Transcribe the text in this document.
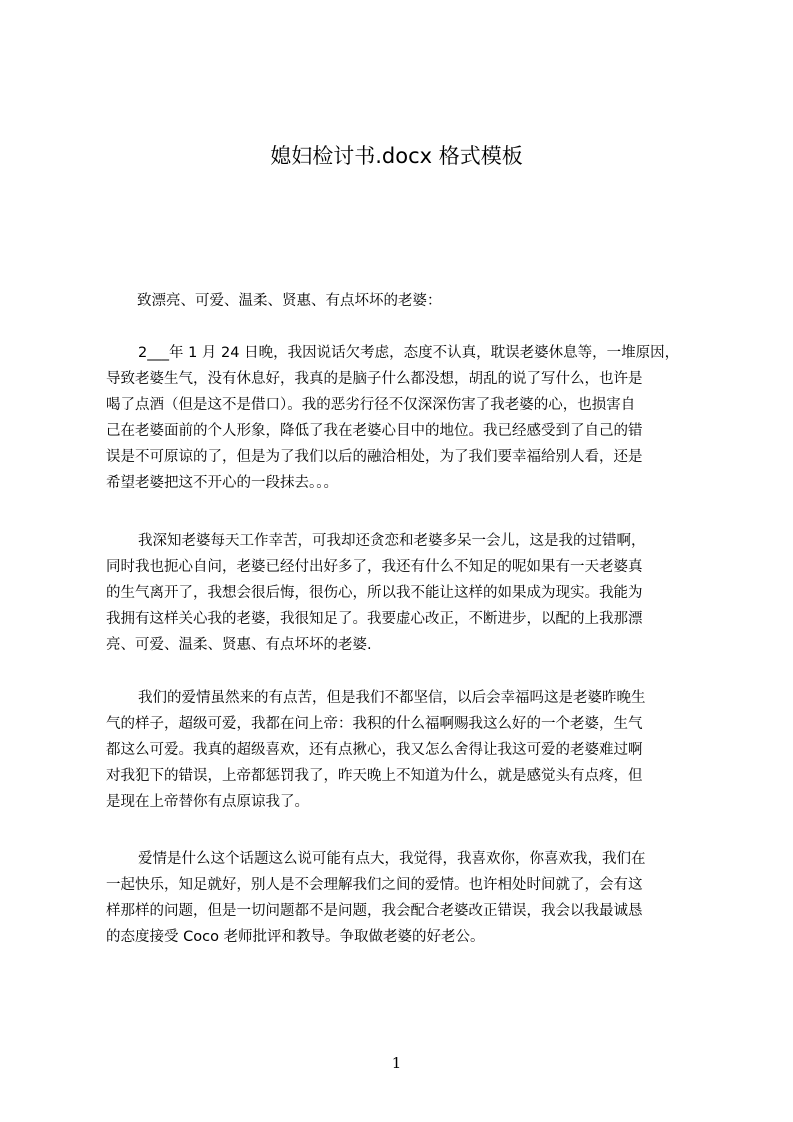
媳妇检讨书.docx 格式模板
致漂亮、可爱、温柔、贤惠、有点坏坏的老婆：
2___年 1 月 24 日晚，我因说话欠考虑，态度不认真，耽误老婆休息等，一堆原因，
导致老婆生气，没有休息好，我真的是脑子什么都没想，胡乱的说了写什么，也许是
喝了点酒（但是这不是借口）。我的恶劣行径不仅深深伤害了我老婆的心，也损害自
己在老婆面前的个人形象，降低了我在老婆心目中的地位。我已经感受到了自己的错
误是不可原谅的了，但是为了我们以后的融洽相处，为了我们要幸福给别人看，还是
希望老婆把这不开心的一段抹去。。。
我深知老婆每天工作幸苦，可我却还贪恋和老婆多呆一会儿，这是我的过错啊，
同时我也扼心自问，老婆已经付出好多了，我还有什么不知足的呢如果有一天老婆真
的生气离开了，我想会很后悔，很伤心，所以我不能让这样的如果成为现实。我能为
我拥有这样关心我的老婆，我很知足了。我要虚心改正，不断进步，以配的上我那漂
亮、可爱、温柔、贤惠、有点坏坏的老婆.
我们的爱情虽然来的有点苦，但是我们不都坚信，以后会幸福吗这是老婆昨晚生
气的样子，超级可爱，我都在问上帝：我积的什么福啊赐我这么好的一个老婆，生气
都这么可爱。我真的超级喜欢，还有点揪心，我又怎么舍得让我这可爱的老婆难过啊
对我犯下的错误，上帝都惩罚我了，昨天晚上不知道为什么，就是感觉头有点疼，但
是现在上帝替你有点原谅我了。
爱情是什么这个话题这么说可能有点大，我觉得，我喜欢你，你喜欢我，我们在
一起快乐，知足就好，别人是不会理解我们之间的爱情。也许相处时间就了，会有这
样那样的问题，但是一切问题都不是问题，我会配合老婆改正错误，我会以我最诚恳
的态度接受 Coco 老师批评和教导。争取做老婆的好老公。
1
